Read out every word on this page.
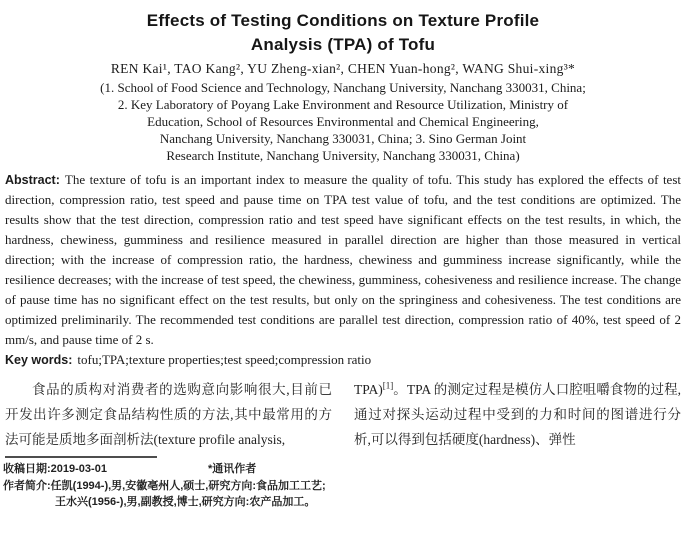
Effects of Testing Conditions on Texture Profile
Analysis (TPA) of Tofu
REN Kai¹, TAO Kang², YU Zheng-xian², CHEN Yuan-hong², WANG Shui-xing³*
(1. School of Food Science and Technology, Nanchang University, Nanchang 330031, China;
2. Key Laboratory of Poyang Lake Environment and Resource Utilization, Ministry of
Education, School of Resources Environmental and Chemical Engineering,
Nanchang University, Nanchang 330031, China; 3. Sino German Joint
Research Institute, Nanchang University, Nanchang 330031, China)

Abstract: The texture of tofu is an important index to measure the quality of tofu. This study has explored the effects of test direction, compression ratio, test speed and pause time on TPA test value of tofu, and the test conditions are optimized. The results show that the test direction, compression ratio and test speed have significant effects on the test results, in which, the hardness, chewiness, gumminess and resilience measured in parallel direction are higher than those measured in vertical direction; with the increase of compression ratio, the hardness, chewiness and gumminess increase significantly, while the resilience decreases; with the increase of test speed, the chewiness, gumminess, cohesiveness and resilience increase. The change of pause time has no significant effect on the test results, but only on the springiness and cohesiveness. The test conditions are optimized preliminarily. The recommended test conditions are parallel test direction, compression ratio of 40%, test speed of 2 mm/s, and pause time of 2 s.

Key words: tofu;TPA;texture properties;test speed;compression ratio

食品的质构对消费者的选购意向影响很大,目前已开发出许多测定食品结构性质的方法,其中最常用的方法可能是质地多面剖析法(texture profile analysis,

TPA)[1]。TPA 的测定过程是模仿人口腔咀嚼食物的过程,通过对探头运动过程中受到的力和时间的图谱进行分析,可以得到包括硬度(hardness)、弹性

收稿日期:2019-03-01	*通讯作者
作者简介:任凯(1994-),男,安徽亳州人,硕士,研究方向:食品加工工艺;
王水兴(1956-),男,副教授,博士,研究方向:农产品加工。
